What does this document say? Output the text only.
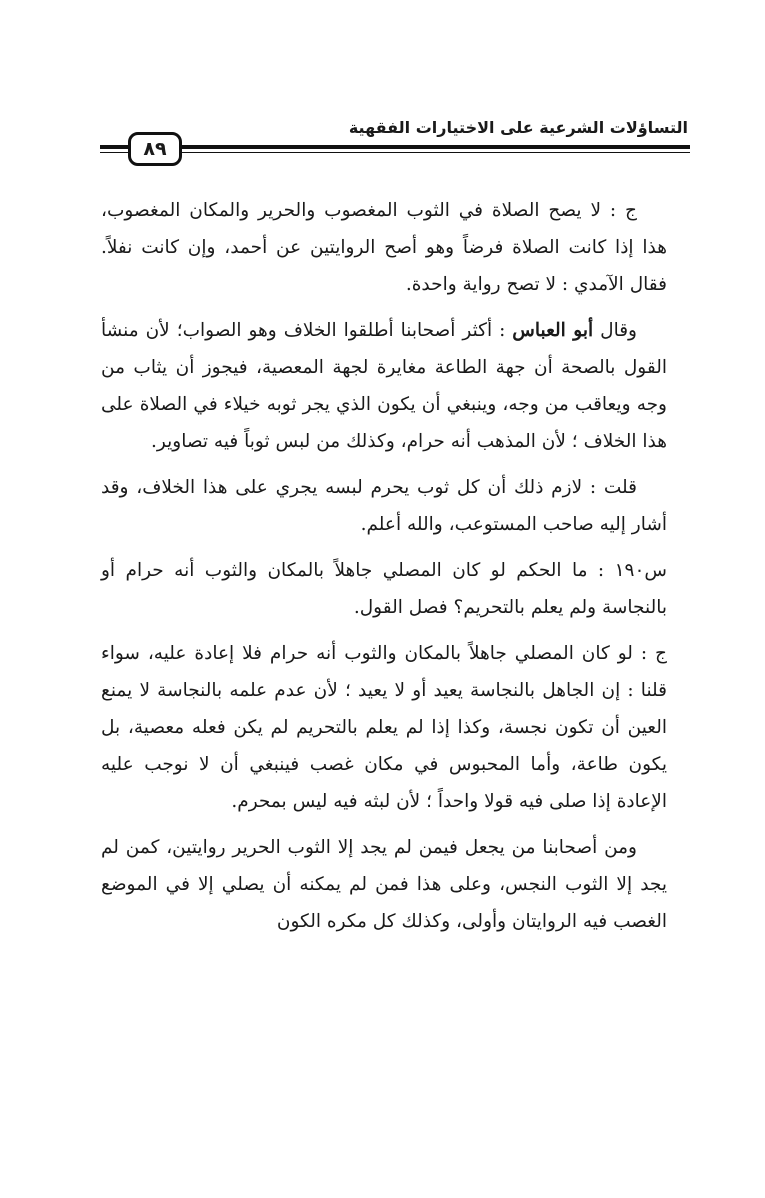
التساؤلات الشرعية على الاختيارات الفقهية
٨٩

ج : لا يصح الصلاة في الثوب المغصوب والحرير والمكان المغصوب، هذا إذا كانت الصلاة فرضاً وهو أصح الروايتين عن أحمد، وإن كانت نفلاً. فقال الآمدي : لا تصح رواية واحدة.

وقال أبو العباس : أكثر أصحابنا أطلقوا الخلاف وهو الصواب؛ لأن منشأ القول بالصحة أن جهة الطاعة مغايرة لجهة المعصية، فيجوز أن يثاب من وجه ويعاقب من وجه، وينبغي أن يكون الذي يجر ثوبه خيلاء في الصلاة على هذا الخلاف ؛ لأن المذهب أنه حرام، وكذلك من لبس ثوباً فيه تصاوير.

قلت : لازم ذلك أن كل ثوب يحرم لبسه يجري على هذا الخلاف، وقد أشار إليه صاحب المستوعب، والله أعلم.

س١٩٠ : ما الحكم لو كان المصلي جاهلاً بالمكان والثوب أنه حرام أو بالنجاسة ولم يعلم بالتحريم؟ فصل القول.

ج : لو كان المصلي جاهلاً بالمكان والثوب أنه حرام فلا إعادة عليه، سواء قلنا : إن الجاهل بالنجاسة يعيد أو لا يعيد ؛ لأن عدم علمه بالنجاسة لا يمنع العين أن تكون نجسة، وكذا إذا لم يعلم بالتحريم لم يكن فعله معصية، بل يكون طاعة، وأما المحبوس في مكان غصب فينبغي أن لا نوجب عليه الإعادة إذا صلى فيه قولا واحداً ؛ لأن لبثه فيه ليس بمحرم.

ومن أصحابنا من يجعل فيمن لم يجد إلا الثوب الحرير روايتين، كمن لم يجد إلا الثوب النجس، وعلى هذا فمن لم يمكنه أن يصلي إلا في الموضع الغصب فيه الروايتان وأولى، وكذلك كل مكره الكون
